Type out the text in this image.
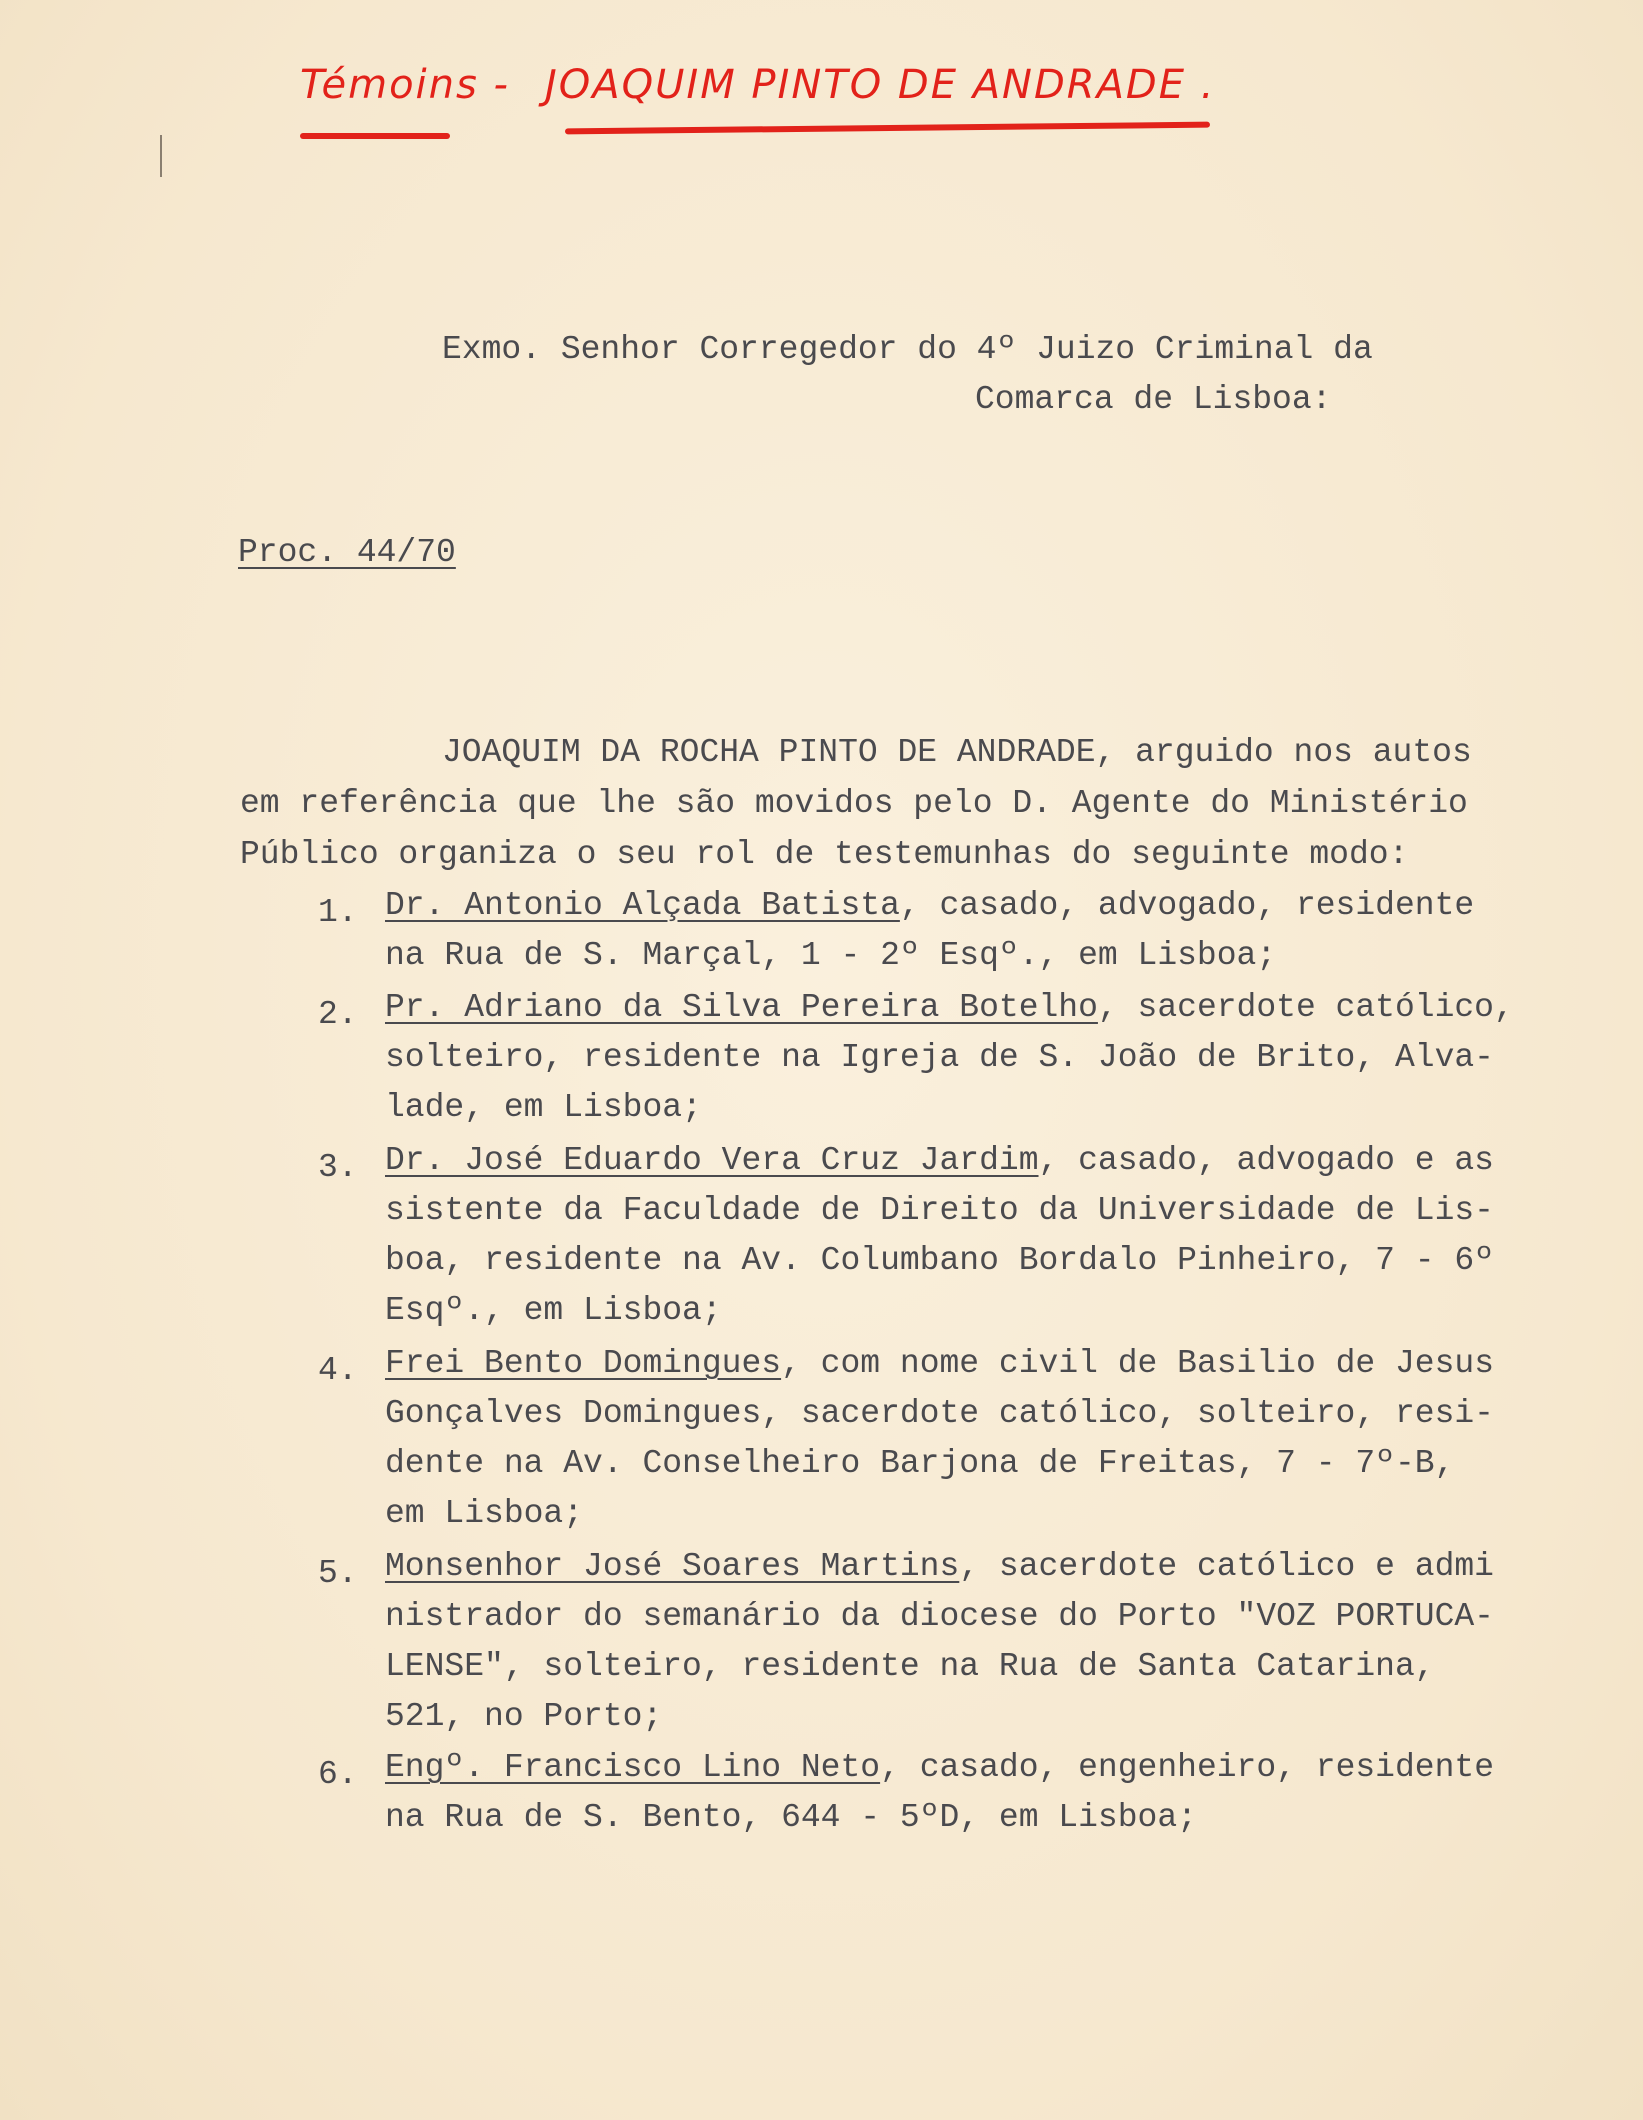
Témoins - JOAQUIM PINTO DE ANDRADE .

Exmo. Senhor Corregedor do 4º Juizo Criminal da

Comarca de Lisboa:

Proc. 44/70

JOAQUIM DA ROCHA PINTO DE ANDRADE, arguido nos autos

em referência que lhe são movidos pelo D. Agente do Ministério

Público organiza o seu rol de testemunhas do seguinte modo:

1. Dr. Antonio Alçada Batista, casado, advogado, residente

na Rua de S. Marçal, 1 - 2º Esqº., em Lisboa;

2. Pr. Adriano da Silva Pereira Botelho, sacerdote católico,

solteiro, residente na Igreja de S. João de Brito, Alva-

lade, em Lisboa;

3. Dr. José Eduardo Vera Cruz Jardim, casado, advogado e as

sistente da Faculdade de Direito da Universidade de Lis-

boa, residente na Av. Columbano Bordalo Pinheiro, 7 - 6º

Esqº., em Lisboa;

4. Frei Bento Domingues, com nome civil de Basilio de Jesus

Gonçalves Domingues, sacerdote católico, solteiro, resi-

dente na Av. Conselheiro Barjona de Freitas, 7 - 7º-B,

em Lisboa;

5. Monsenhor José Soares Martins, sacerdote católico e admi

nistrador do semanário da diocese do Porto "VOZ PORTUCA-

LENSE", solteiro, residente na Rua de Santa Catarina,

521, no Porto;

6. Engº. Francisco Lino Neto, casado, engenheiro, residente

na Rua de S. Bento, 644 - 5ºD, em Lisboa;
